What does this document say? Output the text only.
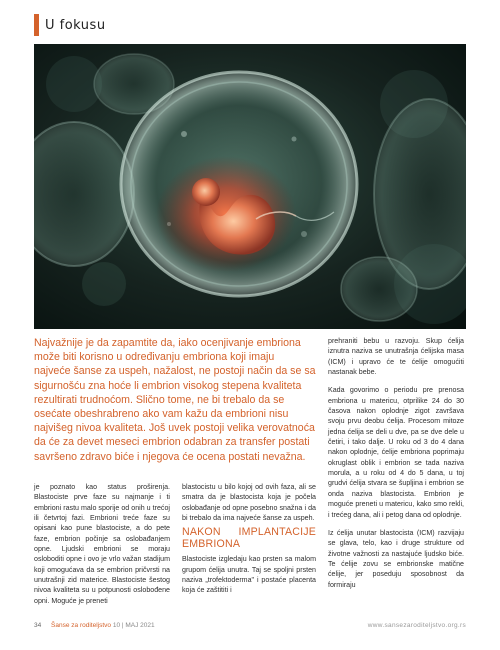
U fokusu
Najvažnije je da zapamtite da, iako ocenjivanje embriona
može biti korisno u određivanju embriona koji imaju
najveće šanse za uspeh, nažalost, ne postoji način da se sa
sigurnošću zna hoće li embrion visokog stepena kvaliteta
rezultirati trudnoćom. Slično tome, ne bi trebalo da se
osećate obeshrabreno ako vam kažu da embrioni nisu
najvišeg nivoa kvaliteta. Još uvek postoji velika verovatnoća
da će za devet meseci embrion odabran za transfer postati
savršeno zdravo biće i njegova će ocena postati nevažna.

je poznato kao status proširenja. Blastociste prve faze su najmanje i ti embrioni rastu malo sporije od onih u trećoj ili četvrtoj fazi. Embrioni treće faze su opisani kao pune blastociste, a do pete faze, embrion počinje sa oslobađanjem opne. Ljudski embrioni se moraju osloboditi opne i ovo je vrlo važan stadijum koji omogućava da se embrion pričvrsti na unutrašnji zid materice. Blastociste šestog nivoa kvaliteta su u potpunosti oslobođene opni. Moguće je preneti

blastocistu u bilo kojoj od ovih faza, ali se smatra da je blastocista koja je počela oslobađanje od opne posebno snažna i da bi trebalo da ima najveće šanse za uspeh.

NAKON IMPLANTACIJE EMBRIONA

Blastociste izgledaju kao prsten sa malom grupom ćelija unutra. Taj se spoljni prsten naziva „trofektoderma" i postaće placenta koja će zaštititi i

prehraniti bebu u razvoju. Skup ćelija iznutra naziva se unutrašnja ćelijska masa (ICM) i upravo će te ćelije omogućiti nastanak bebe.

Kada govorimo o periodu pre prenosa embriona u matericu, otprilike 24 do 30 časova nakon oplodnje zigot završava svoju prvu deobu ćelija. Procesom mitoze jedna ćelija se deli u dve, pa se dve dele u četiri, i tako dalje. U roku od 3 do 4 dana nakon oplodnje, ćelije embriona poprimaju okruglast oblik i embrion se tada naziva morula, a u roku od 4 do 5 dana, u toj grudvi ćelija stvara se šupljina i embrion se onda naziva blastocista. Embrion je moguće preneti u matericu, kako smo rekli, i trećeg dana, ali i petog dana od oplodnje.

Iz ćelija unutar blastocista (ICM) razvijaju se glava, telo, kao i druge strukture od životne važnosti za nastajuće ljudsko biće. Te ćelije zovu se embrionske matične ćelije, jer poseduju sposobnost da formiraju

34 Šanse za roditeljstvo 10 | MAJ 2021	www.sansezaroditeljstvo.org.rs
